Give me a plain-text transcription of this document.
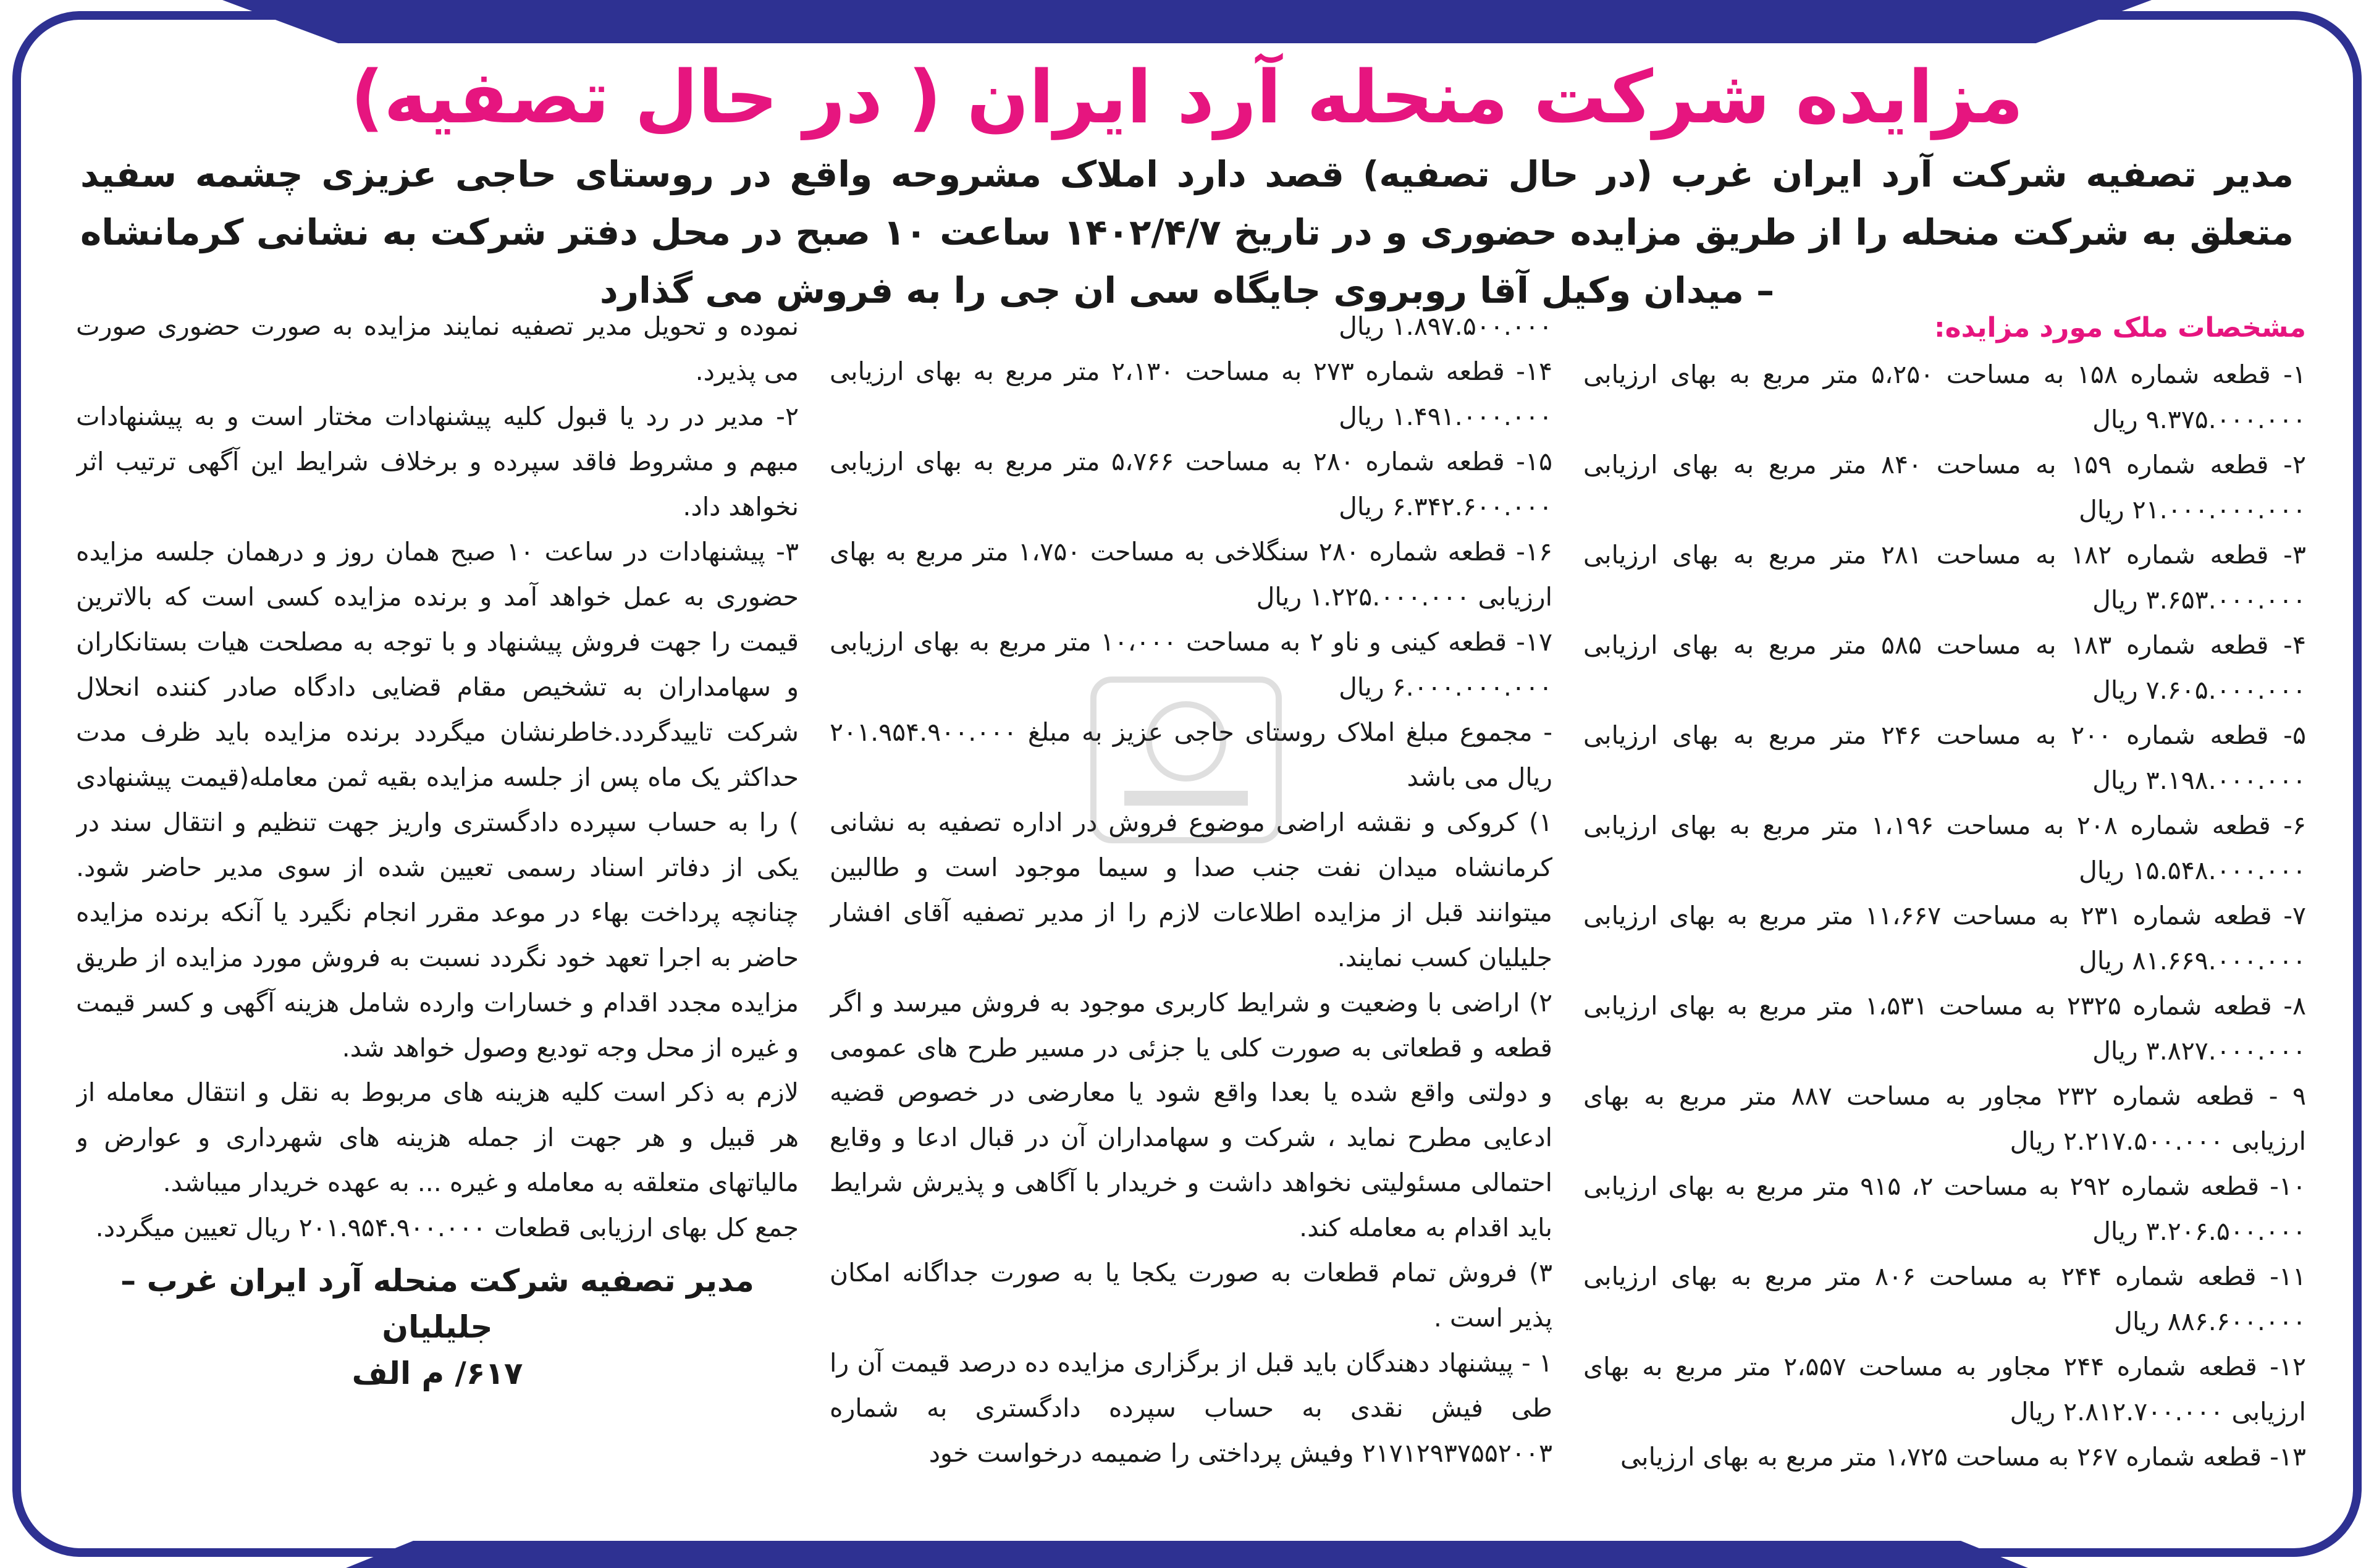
مزایده شرکت منحله آرد ایران ( در حال تصفیه)
مدیر تصفیه شرکت آرد ایران غرب (در حال تصفیه) قصد دارد املاک مشروحه واقع در روستای حاجی عزیزی چشمه سفید متعلق به شرکت منحله را از طریق مزایده حضوری و در تاریخ ۱۴۰۲/۴/۷ ساعت ۱۰ صبح در محل دفتر شرکت به نشانی کرمانشاه – میدان وکیل آقا روبروی جایگاه سی ان جی را به فروش می گذارد

مشخصات ملک مورد مزایده:

۱- قطعه شماره ۱۵۸ به مساحت ۵،۲۵۰ متر مربع به بهای ارزیابی ۹.۳۷۵.۰۰۰.۰۰۰ ریال

۲- قطعه شماره ۱۵۹ به مساحت ۸۴۰ متر مربع به بهای ارزیابی ۲۱.۰۰۰.۰۰۰.۰۰۰ ریال

۳- قطعه شماره ۱۸۲ به مساحت ۲۸۱ متر مربع به بهای ارزیابی ۳.۶۵۳.۰۰۰.۰۰۰ ریال

۴- قطعه شماره ۱۸۳ به مساحت ۵۸۵ متر مربع به بهای ارزیابی ۷.۶۰۵.۰۰۰.۰۰۰ ریال

۵- قطعه شماره ۲۰۰ به مساحت ۲۴۶ متر مربع به بهای ارزیابی ۳.۱۹۸.۰۰۰.۰۰۰ ریال

۶- قطعه شماره ۲۰۸ به مساحت ۱،۱۹۶ متر مربع به بهای ارزیابی ۱۵.۵۴۸.۰۰۰.۰۰۰ ریال

۷- قطعه شماره ۲۳۱ به مساحت ۱۱،۶۶۷ متر مربع به بهای ارزیابی ۸۱.۶۶۹.۰۰۰.۰۰۰ ریال

۸- قطعه شماره ۲۳۲۵ به مساحت ۱،۵۳۱ متر مربع به بهای ارزیابی ۳.۸۲۷.۰۰۰.۰۰۰ ریال

۹ - قطعه شماره ۲۳۲ مجاور به مساحت ۸۸۷ متر مربع به بهای ارزیابی ۲.۲۱۷.۵۰۰.۰۰۰ ریال

۱۰- قطعه شماره ۲۹۲ به مساحت ۲، ۹۱۵ متر مربع به بهای ارزیابی ۳.۲۰۶.۵۰۰.۰۰۰ ریال

۱۱- قطعه شماره ۲۴۴ به مساحت ۸۰۶ متر مربع به بهای ارزیابی ۸۸۶.۶۰۰.۰۰۰ ریال

۱۲- قطعه شماره ۲۴۴ مجاور به مساحت ۲،۵۵۷ متر مربع به بهای ارزیابی ۲.۸۱۲.۷۰۰.۰۰۰ ریال

۱۳- قطعه شماره ۲۶۷ به مساحت ۱،۷۲۵ متر مربع به بهای ارزیابی

۱.۸۹۷.۵۰۰.۰۰۰ ریال

۱۴- قطعه شماره ۲۷۳ به مساحت ۲،۱۳۰ متر مربع به بهای ارزیابی ۱.۴۹۱.۰۰۰.۰۰۰ ریال

۱۵- قطعه شماره ۲۸۰ به مساحت ۵،۷۶۶ متر مربع به بهای ارزیابی ۶.۳۴۲.۶۰۰.۰۰۰ ریال

۱۶- قطعه شماره ۲۸۰ سنگلاخی به مساحت ۱،۷۵۰ متر مربع به بهای ارزیابی ۱.۲۲۵.۰۰۰.۰۰۰ ریال

۱۷- قطعه کینی و ناو ۲ به مساحت ۱۰،۰۰۰ متر مربع به بهای ارزیابی ۶.۰۰۰.۰۰۰.۰۰۰ ریال

- مجموع مبلغ املاک روستای حاجی عزیز به مبلغ ۲۰۱.۹۵۴.۹۰۰.۰۰۰ ریال می باشد

۱) کروکی و نقشه اراضی موضوع فروش در اداره تصفیه به نشانی کرمانشاه میدان نفت جنب صدا و سیما موجود است و طالبین میتوانند قبل از مزایده اطلاعات لازم را از مدیر تصفیه آقای افشار جلیلیان کسب نمایند.

۲) اراضی با وضعیت و شرایط کاربری موجود به فروش میرسد و اگر قطعه و قطعاتی به صورت کلی یا جزئی در مسیر طرح های عمومی و دولتی واقع شده یا بعدا واقع شود یا معارضی در خصوص قضیه ادعایی مطرح نماید ، شرکت و سهامداران آن در قبال ادعا و وقایع احتمالی مسئولیتی نخواهد داشت و خریدار با آگاهی و پذیرش شرایط باید اقدام به معامله کند.

۳) فروش تمام قطعات به صورت یکجا یا به صورت جداگانه امکان پذیر است .

۱ - پیشنهاد دهندگان باید قبل از برگزاری مزایده ده درصد قیمت آن را طی فیش نقدی به حساب سپرده دادگستری به شماره ۲۱۷۱۲۹۳۷۵۵۲۰۰۳ وفیش پرداختی را ضمیمه درخواست خود

نموده و تحویل مدیر تصفیه نمایند مزایده به صورت حضوری صورت می پذیرد.

۲- مدیر در رد یا قبول کلیه پیشنهادات مختار است و به پیشنهادات مبهم و مشروط فاقد سپرده و برخلاف شرایط این آگهی ترتیب اثر نخواهد داد.

۳- پیشنهادات در ساعت ۱۰ صبح همان روز و درهمان جلسه مزایده حضوری به عمل خواهد آمد و برنده مزایده کسی است که بالاترین قیمت را جهت فروش پیشنهاد و با توجه به مصلحت هیات بستانکاران و سهامداران به تشخیص مقام قضایی دادگاه صادر کننده انحلال شرکت تاییدگردد.خاطرنشان میگردد برنده مزایده باید ظرف مدت حداکثر یک ماه پس از جلسه مزایده بقیه ثمن معامله(قیمت پیشنهادی ) را به حساب سپرده دادگستری واریز جهت تنظیم و انتقال سند در یکی از دفاتر اسناد رسمی تعیین شده از سوی مدیر حاضر شود. چنانچه پرداخت بهاء در موعد مقرر انجام نگیرد یا آنکه برنده مزایده حاضر به اجرا تعهد خود نگردد نسبت به فروش مورد مزایده از طریق مزایده مجدد اقدام و خسارات وارده شامل هزینه آگهی و کسر قیمت و غیره از محل وجه توديع وصول خواهد شد.

لازم به ذکر است کلیه هزینه های مربوط به نقل و انتقال معامله از هر قبیل و هر جهت از جمله هزینه های شهرداری و عوارض و مالیاتهای متعلقه به معامله و غیره ... به عهده خریدار میباشد.

جمع کل بهای ارزیابی قطعات ۲۰۱.۹۵۴.۹۰۰.۰۰۰ ریال تعیین میگردد.

مدیر تصفیه شرکت منحله آرد ایران غرب – جلیلیان
۶۱۷/ م الف
